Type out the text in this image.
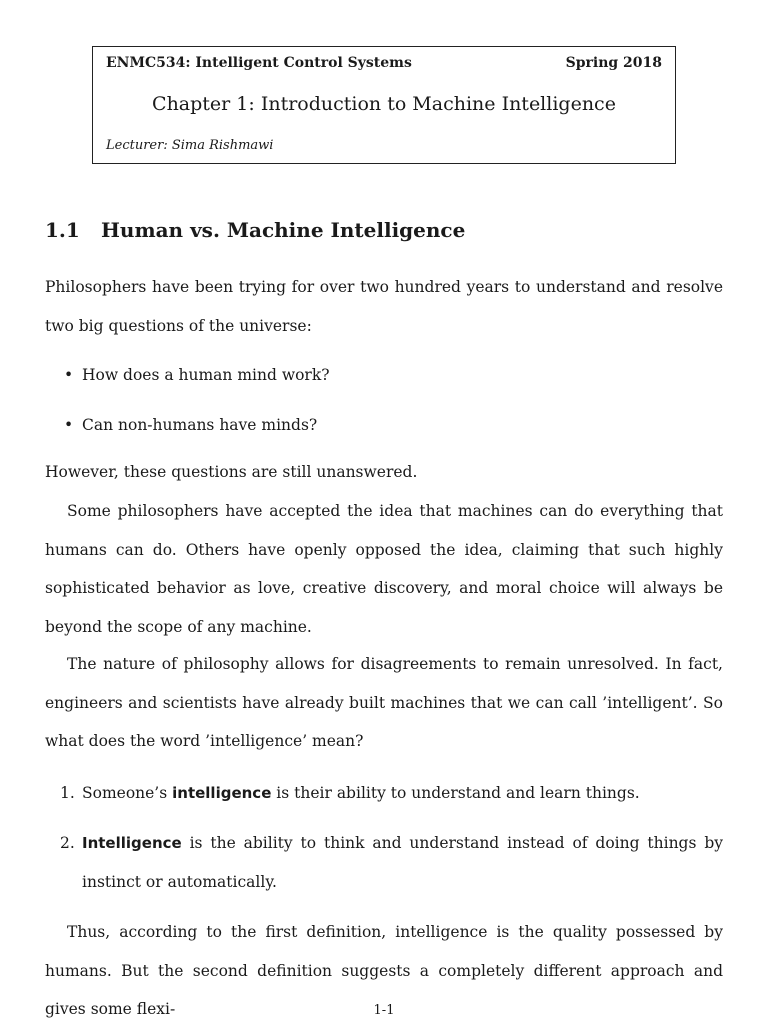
ENMC534: Intelligent Control Systems	Spring 2018
Chapter 1: Introduction to Machine Intelligence
Lecturer: Sima Rishmawi
1.1 Human vs. Machine Intelligence

Philosophers have been trying for over two hundred years to understand and resolve two big questions of the universe:

• How does a human mind work?
• Can non-humans have minds?

However, these questions are still unanswered.

Some philosophers have accepted the idea that machines can do everything that humans can do. Others have openly opposed the idea, claiming that such highly sophisticated behavior as love, creative discovery, and moral choice will always be beyond the scope of any machine.

The nature of philosophy allows for disagreements to remain unresolved. In fact, engineers and scientists have already built machines that we can call ’intelligent’. So what does the word ’intelligence’ mean?

1. Someone’s intelligence is their ability to understand and learn things.
2. Intelligence is the ability to think and understand instead of doing things by instinct or automatically.

Thus, according to the first definition, intelligence is the quality possessed by humans. But the second definition suggests a completely different approach and gives some flexi-	1-1
